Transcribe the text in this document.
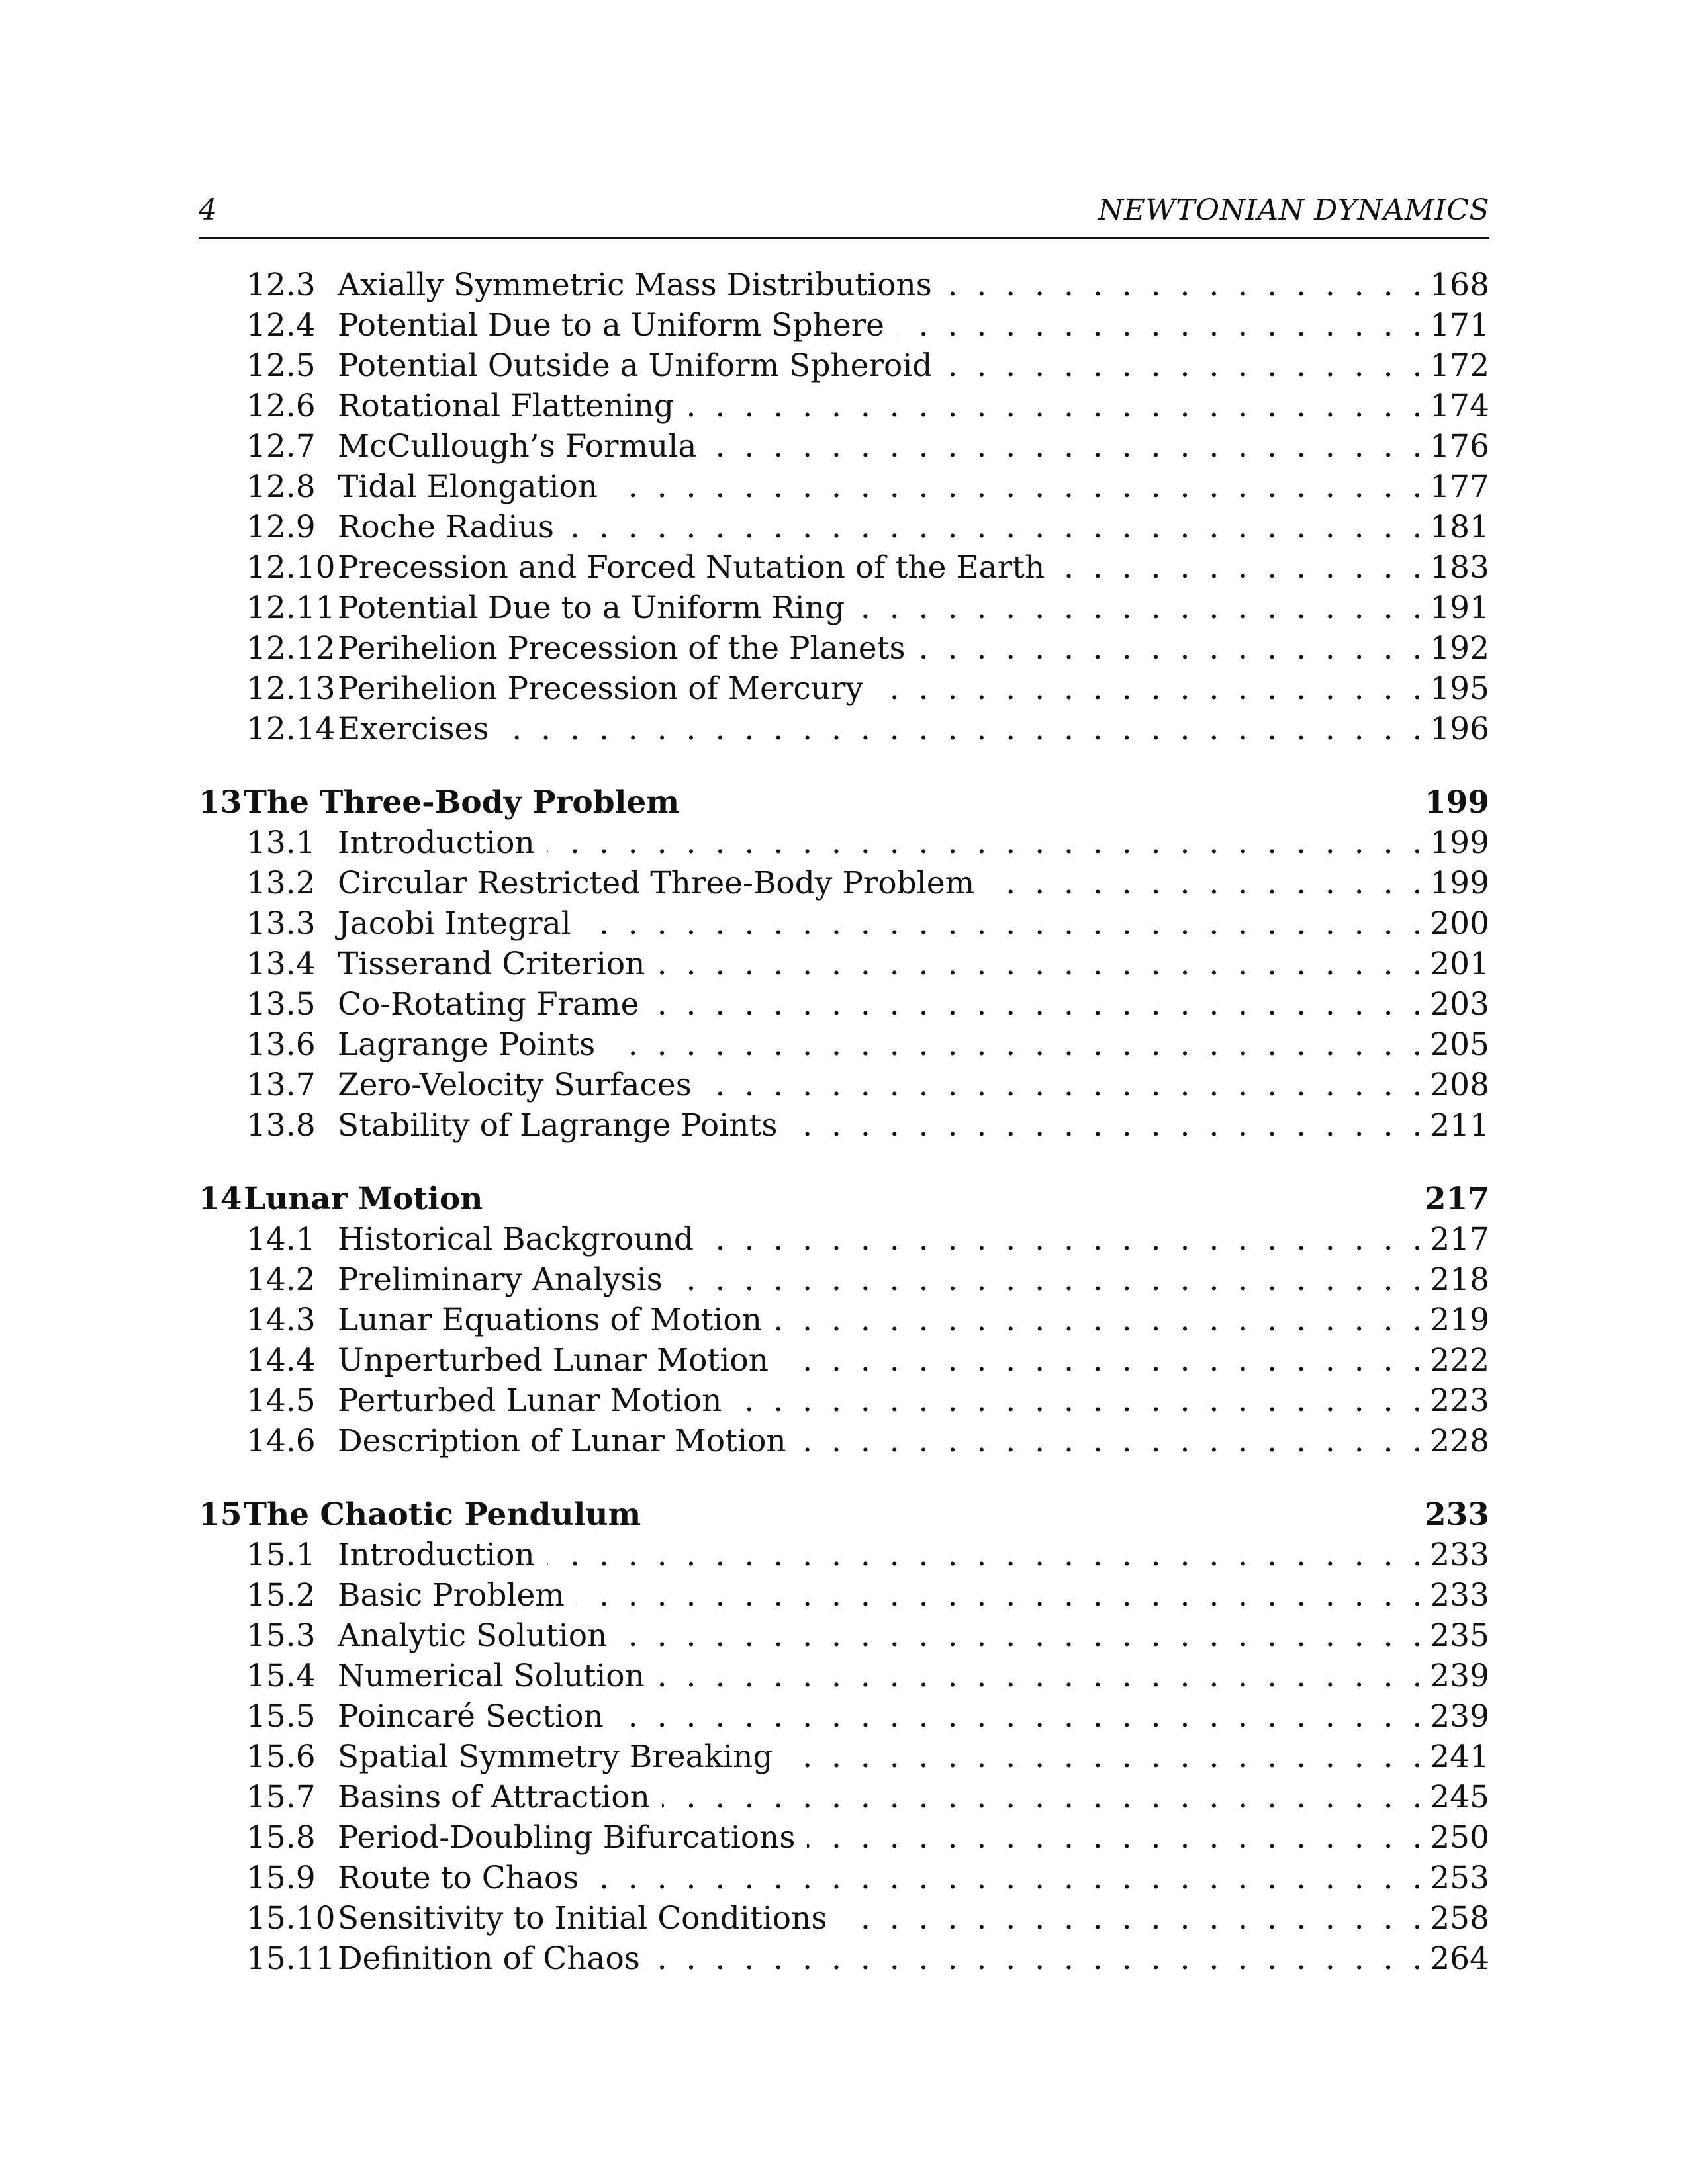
4	NEWTONIAN DYNAMICS
12.3 . . . Axially Symmetric Mass Distributions	168
12.4 . . . Potential Due to a Uniform Sphere	171
12.5 . . . Potential Outside a Uniform Spheroid	172
12.6 . . . Rotational Flattening	174
12.7 . . . McCullough’s Formula	176
12.8 . . . Tidal Elongation	177
12.9 . . . Roche Radius	181
12.10 . . . Precession and Forced Nutation of the Earth	183
12.11 . . . Potential Due to a Uniform Ring	191
12.12 . . . Perihelion Precession of the Planets	192
12.13 . . . Perihelion Precession of Mercury	195
12.14 . . . Exercises	196
13 The Three-Body Problem	199
13.1 . . . Introduction	199
13.2 . . . Circular Restricted Three-Body Problem	199
13.3 . . . Jacobi Integral	200
13.4 . . . Tisserand Criterion	201
13.5 . . . Co-Rotating Frame	203
13.6 . . . Lagrange Points	205
13.7 . . . Zero-Velocity Surfaces	208
13.8 . . . Stability of Lagrange Points	211
14 Lunar Motion	217
14.1 . . . Historical Background	217
14.2 . . . Preliminary Analysis	218
14.3 . . . Lunar Equations of Motion	219
14.4 . . . Unperturbed Lunar Motion	222
14.5 . . . Perturbed Lunar Motion	223
14.6 . . . Description of Lunar Motion	228
15 The Chaotic Pendulum	233
15.1 . . . Introduction	233
15.2 . . . Basic Problem	233
15.3 . . . Analytic Solution	235
15.4 . . . Numerical Solution	239
15.5 . . . Poincaré Section	239
15.6 . . . Spatial Symmetry Breaking	241
15.7 . . . Basins of Attraction	245
15.8 . . . Period-Doubling Bifurcations	250
15.9 . . . Route to Chaos	253
15.10 . . . Sensitivity to Initial Conditions	258
15.11 . . . Definition of Chaos	264
